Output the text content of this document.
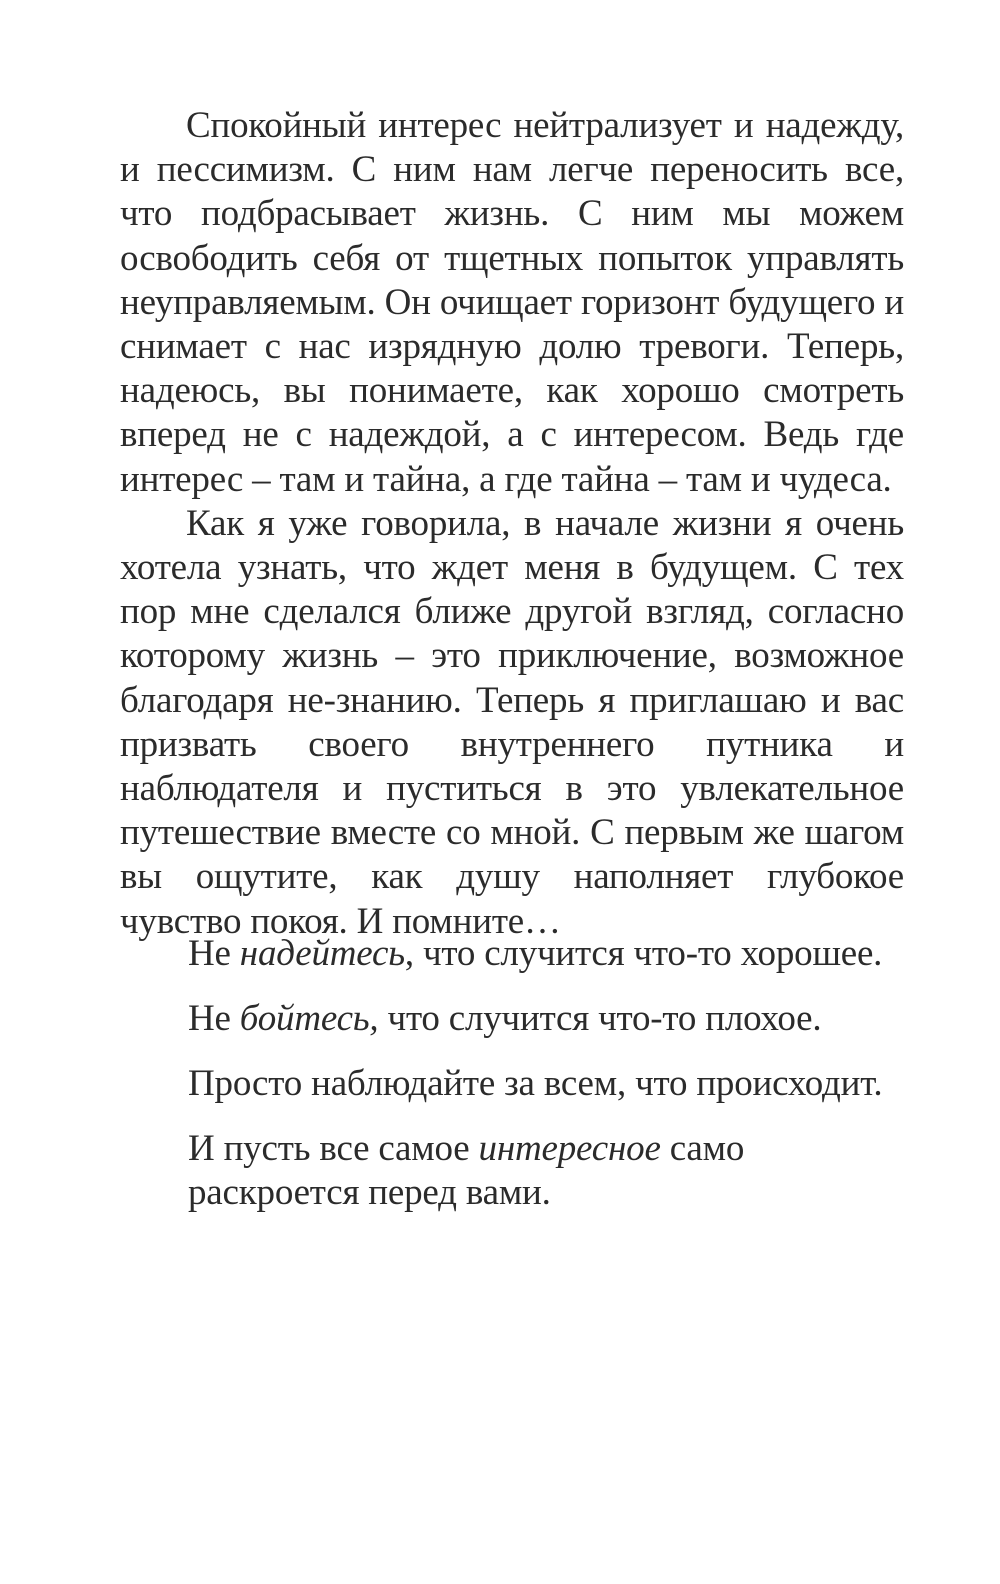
Спокойный интерес нейтрализует и надежду, и пессимизм. С ним нам легче переносить все, что подбрасывает жизнь. С ним мы можем освободить себя от тщетных попыток управлять неуправляемым. Он очищает горизонт будущего и снимает с нас изрядную долю тревоги. Теперь, надеюсь, вы понимаете, как хорошо смотреть вперед не с надеждой, а с интересом. Ведь где интерес – там и тайна, а где тайна – там и чудеса.

Как я уже говорила, в начале жизни я очень хотела узнать, что ждет меня в будущем. С тех пор мне сделался ближе другой взгляд, согласно которому жизнь – это приключение, возможное благодаря не-знанию. Теперь я приглашаю и вас призвать своего внутреннего путника и наблюдателя и пуститься в это увлекательное путешествие вместе со мной. С первым же шагом вы ощутите, как душу наполняет глубокое чувство покоя. И помните…

Не надейтесь, что случится что-то хорошее.

Не бойтесь, что случится что-то плохое.

Просто наблюдайте за всем, что происходит.

И пусть все самое интересное само раскроется перед вами.
